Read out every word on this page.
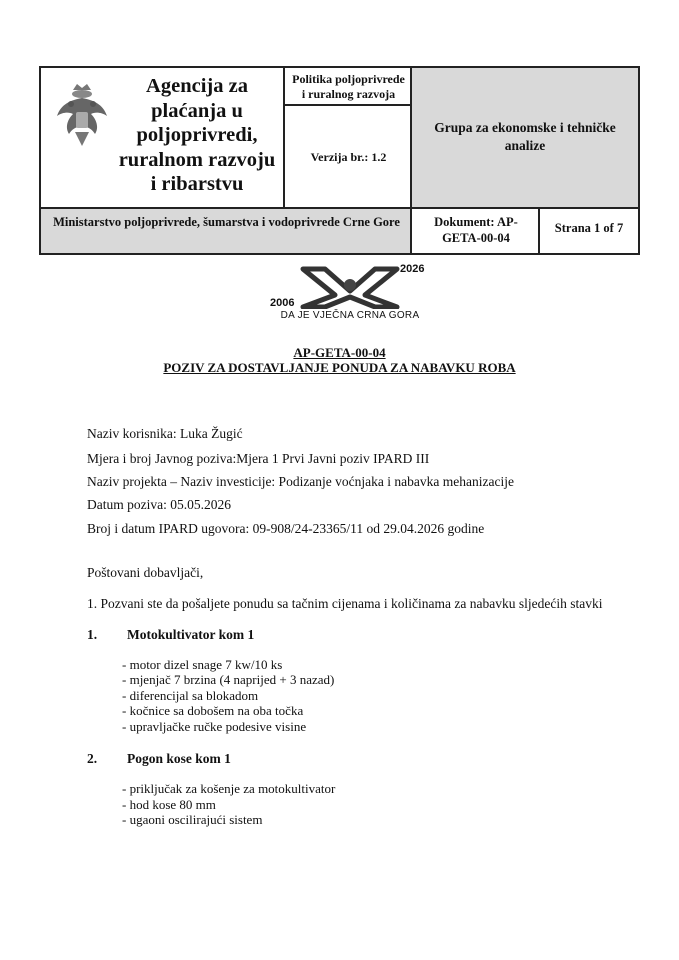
Agencija za plaćanja u poljoprivredi, ruralnom razvoju i ribarstvu
Politika poljoprivrede i ruralnog razvoja
Verzija br.: 1.2
Grupa za ekonomske i tehničke analize
Ministarstvo poljoprivrede, šumarstva i vodoprivrede Crne Gore	Dokument: AP-GETA-00-04
Strana 1 of 7
2026
2006
DA JE VJEČNA CRNA GORA
AP-GETA-00-04
POZIV ZA DOSTAVLJANJE PONUDA ZA NABAVKU ROBA
Naziv korisnika: Luka Žugić
Mjera i broj Javnog poziva:Mjera 1 Prvi Javni poziv IPARD III
Naziv projekta – Naziv investicije: Podizanje voćnjaka i nabavka mehanizacije
Datum poziva: 05.05.2026
Broj i datum IPARD ugovora: 09-908/24-23365/11 od 29.04.2026 godine
Poštovani dobavljači,
1. Pozvani ste da pošaljete ponudu sa tačnim cijenama i količinama za nabavku sljedećih stavki
1. Motokultivator kom 1
- motor dizel snage 7 kw/10 ks
- mjenjač 7 brzina (4 naprijed + 3 nazad)
- diferencijal sa blokadom
- kočnice sa dobošem na oba točka
- upravljačke ručke podesive visine
2. Pogon kose kom 1
- priključak za košenje za motokultivator
- hod kose 80 mm
- ugaoni oscilirajući sistem
